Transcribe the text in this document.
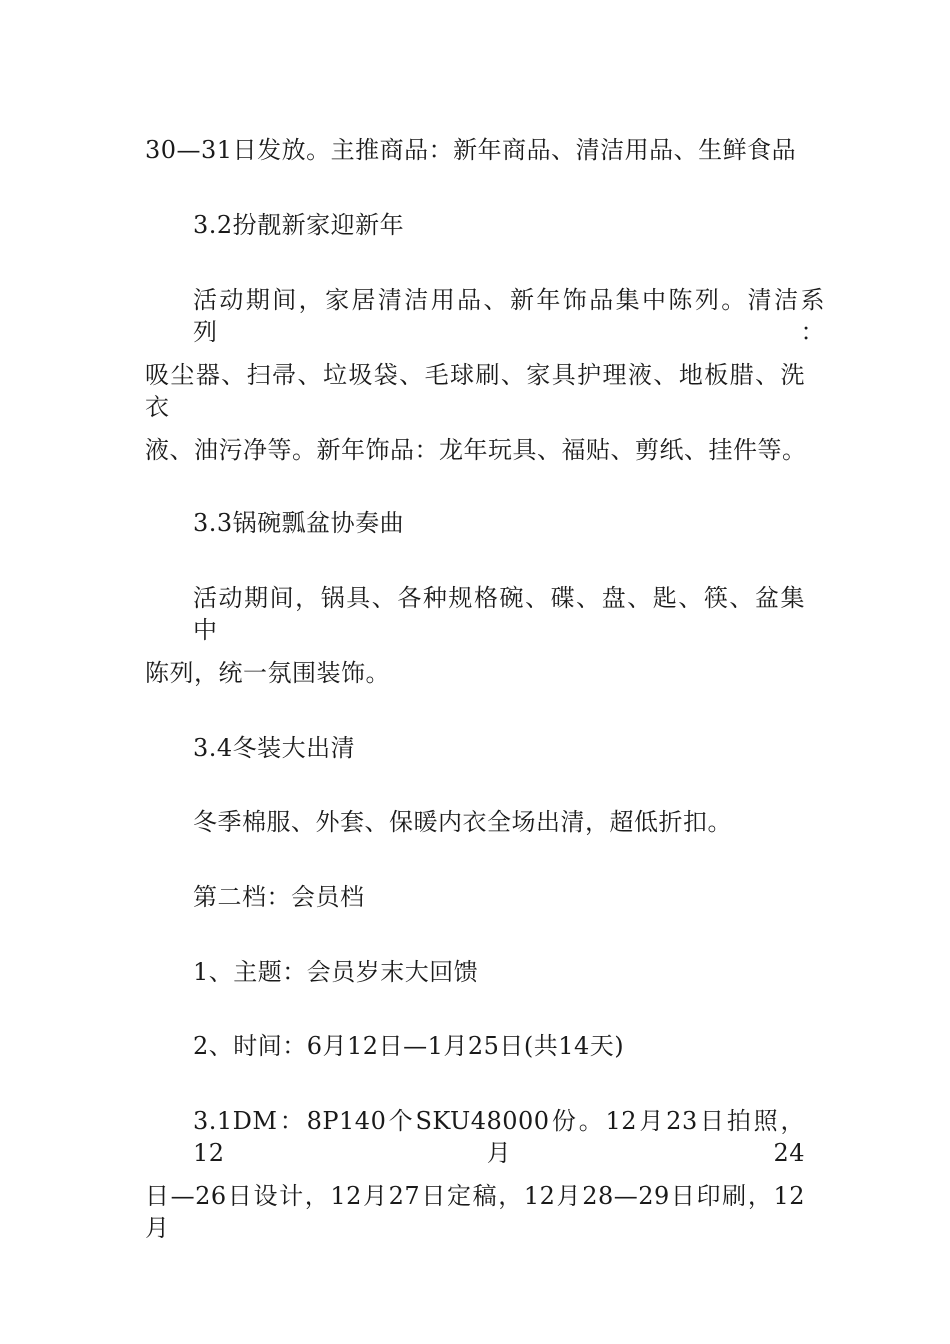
30—31日发放。主推商品：新年商品、清洁用品、生鲜食品
3.2扮靓新家迎新年
活动期间，家居清洁用品、新年饰品集中陈列。清洁系列：
吸尘器、扫帚、垃圾袋、毛球刷、家具护理液、地板腊、洗衣
液、油污净等。新年饰品：龙年玩具、福贴、剪纸、挂件等。
3.3锅碗瓢盆协奏曲
活动期间，锅具、各种规格碗、碟、盘、匙、筷、盆集中
陈列，统一氛围装饰。
3.4冬装大出清
冬季棉服、外套、保暖内衣全场出清，超低折扣。
第二档：会员档
1、主题：会员岁末大回馈
2、时间：6月12日—1月25日(共14天)
3.1DM：8P140个SKU48000份。12月23日拍照，12月24
日—26日设计，12月27日定稿，12月28—29日印刷，12月
